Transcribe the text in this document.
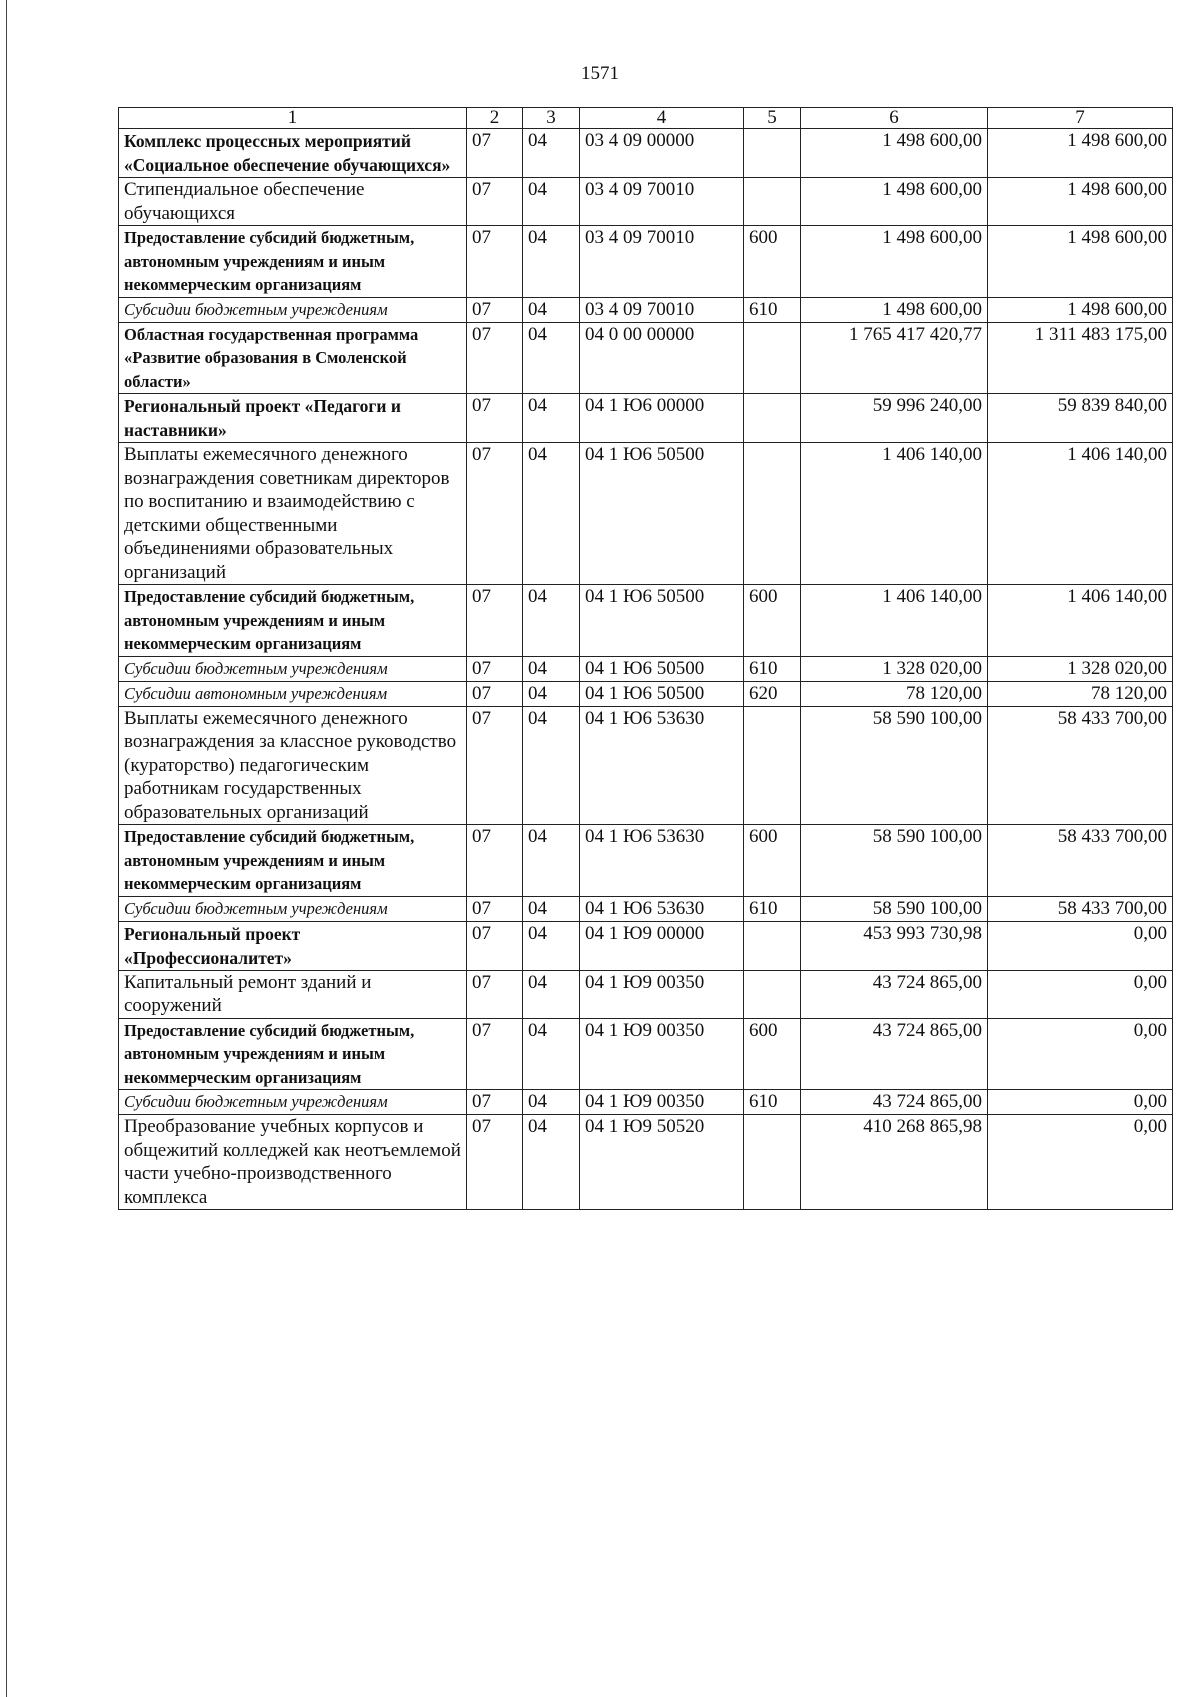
1571
1	2	3	4	5	6	7
Комплекс процессных мероприятий «Социальное обеспечение обучающихся»	07	04	03 4 09 00000		1 498 600,00	1 498 600,00
Стипендиальное обеспечение обучающихся	07	04	03 4 09 70010		1 498 600,00	1 498 600,00
Предоставление субсидий бюджетным, автономным учреждениям и иным некоммерческим организациям	07	04	03 4 09 70010	600	1 498 600,00	1 498 600,00
Субсидии бюджетным учреждениям	07	04	03 4 09 70010	610	1 498 600,00	1 498 600,00
Областная государственная программа «Развитие образования в Смоленской области»	07	04	04 0 00 00000		1 765 417 420,77	1 311 483 175,00
Региональный проект «Педагоги и наставники»	07	04	04 1 Ю6 00000		59 996 240,00	59 839 840,00
Выплаты ежемесячного денежного вознаграждения советникам директоров по воспитанию и взаимодействию с детскими общественными объединениями образовательных организаций	07	04	04 1 Ю6 50500		1 406 140,00	1 406 140,00
Предоставление субсидий бюджетным, автономным учреждениям и иным некоммерческим организациям	07	04	04 1 Ю6 50500	600	1 406 140,00	1 406 140,00
Субсидии бюджетным учреждениям	07	04	04 1 Ю6 50500	610	1 328 020,00	1 328 020,00
Субсидии автономным учреждениям	07	04	04 1 Ю6 50500	620	78 120,00	78 120,00
Выплаты ежемесячного денежного вознаграждения за классное руководство (кураторство) педагогическим работникам государственных образовательных организаций	07	04	04 1 Ю6 53630		58 590 100,00	58 433 700,00
Предоставление субсидий бюджетным, автономным учреждениям и иным некоммерческим организациям	07	04	04 1 Ю6 53630	600	58 590 100,00	58 433 700,00
Субсидии бюджетным учреждениям	07	04	04 1 Ю6 53630	610	58 590 100,00	58 433 700,00
Региональный проект «Профессионалитет»	07	04	04 1 Ю9 00000		453 993 730,98	0,00
Капитальный ремонт зданий и сооружений	07	04	04 1 Ю9 00350		43 724 865,00	0,00
Предоставление субсидий бюджетным, автономным учреждениям и иным некоммерческим организациям	07	04	04 1 Ю9 00350	600	43 724 865,00	0,00
Субсидии бюджетным учреждениям	07	04	04 1 Ю9 00350	610	43 724 865,00	0,00
Преобразование учебных корпусов и общежитий колледжей как неотъемлемой части учебно-производственного комплекса	07	04	04 1 Ю9 50520		410 268 865,98	0,00
